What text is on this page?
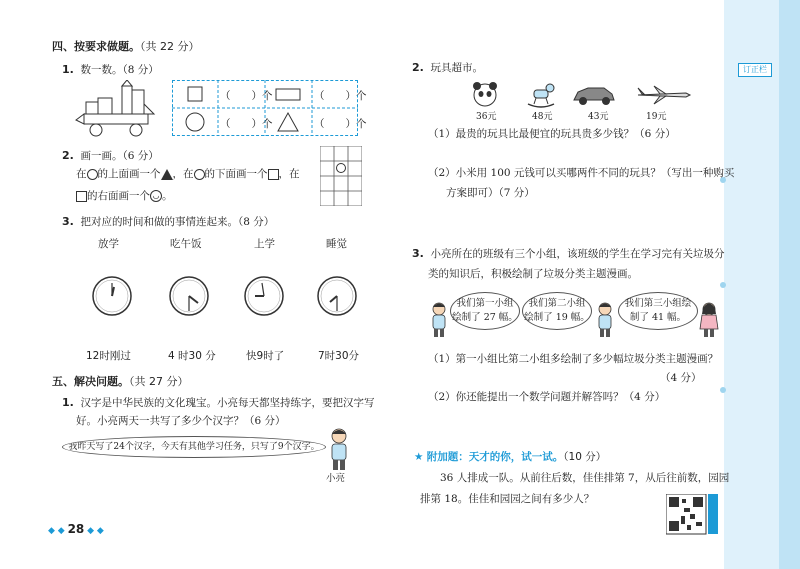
订正栏
四、按要求做题。（共 22 分）
1. 数一数。（8 分）
（　　）个	（　　）个
（　　）个	（　　）个
2. 画一画。（6 分）
在 的上面画一个 ，在 的下面画一个 ，在
的右面画一个 ◡ 。
3. 把对应的时间和做的事情连起来。（8 分）
放学	吃午饭	上学	睡觉
12时刚过	4 时30 分	快9时了	7时30分
五、解决问题。（共 27 分）
1. 汉字是中华民族的文化瑰宝。小亮每天都坚持练字，要把汉字写
好。小亮两天一共写了多少个汉字？（6 分）
我昨天写了24个汉字，今天有其他学习任务，只写了9个汉字。
小亮
◆ ◆ 28 ◆ ◆
2. 玩具超市。
36元	48元	43元	19元
（1）最贵的玩具比最便宜的玩具贵多少钱？（6 分）
（2）小米用 100 元钱可以买哪两件不同的玩具？（写出一种购买
方案即可）（7 分）
3. 小亮所在的班级有三个小组，该班级的学生在学习完有关垃圾分
类的知识后，积极绘制了垃圾分类主题漫画。
我们第一小组
绘制了 27 幅。
我们第二小组
绘制了 19 幅。
我们第三小组绘
制了 41 幅。
（1）第一小组比第二小组多绘制了多少幅垃圾分类主题漫画？
（4 分）
（2）你还能提出一个数学问题并解答吗？（4 分）
★ 附加题：天才的你，试一试。（10 分）
36 人排成一队。从前往后数，佳佳排第 7，从后往前数，园园
排第 18。佳佳和园园之间有多少人？
